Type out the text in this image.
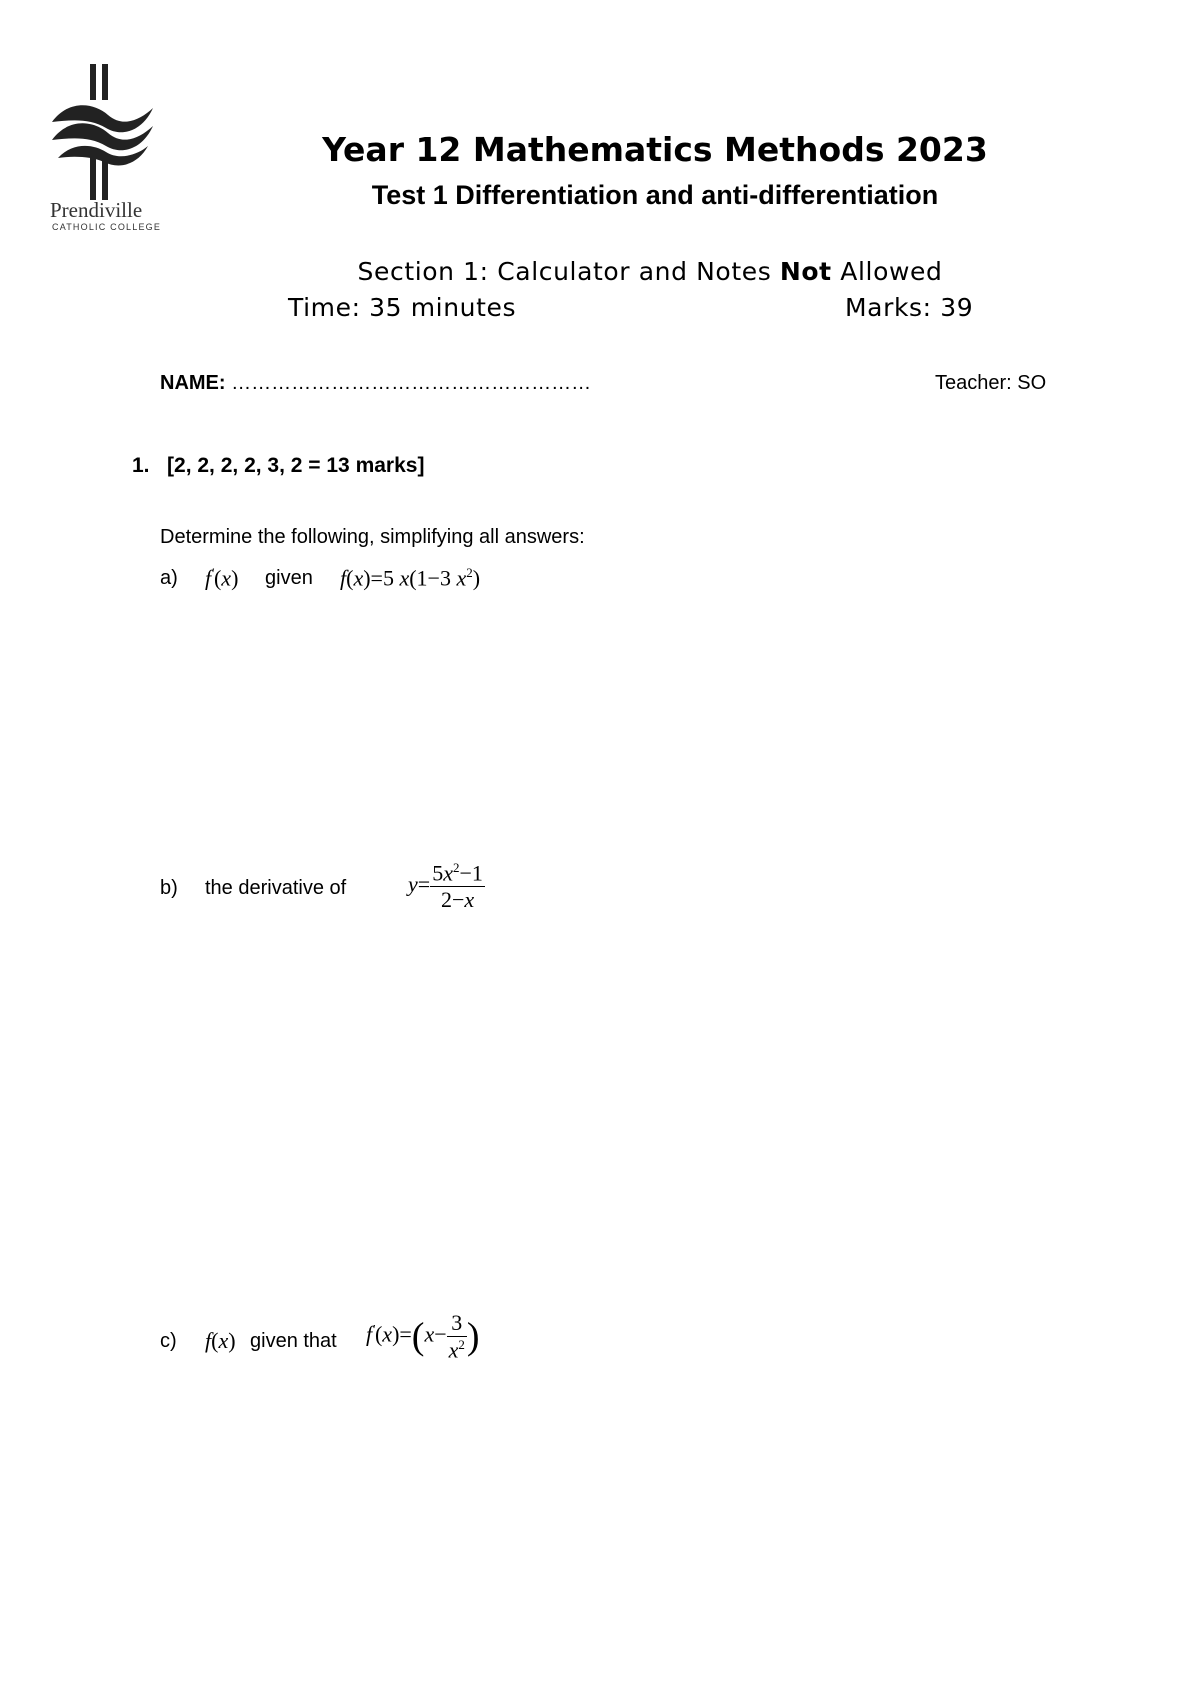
Prendiville
CATHOLIC COLLEGE
Year 12 Mathematics Methods 2023
Test 1 Differentiation and anti-differentiation
Section 1: Calculator and Notes Not Allowed
Time: 35 minutes	Marks: 39
NAME: ………………………………………………	Teacher: SO
1. [2, 2, 2, 2, 3, 2 = 13 marks]
Determine the following, simplifying all answers:
a) f′(x) given f(x)=5 x(1−3 $x^2$)
b) the derivative of	$y= \frac{5x^2-1}{2-x}$
c) f(x) given that $f'(x)=(x- \frac{3}{x^2}$ )
